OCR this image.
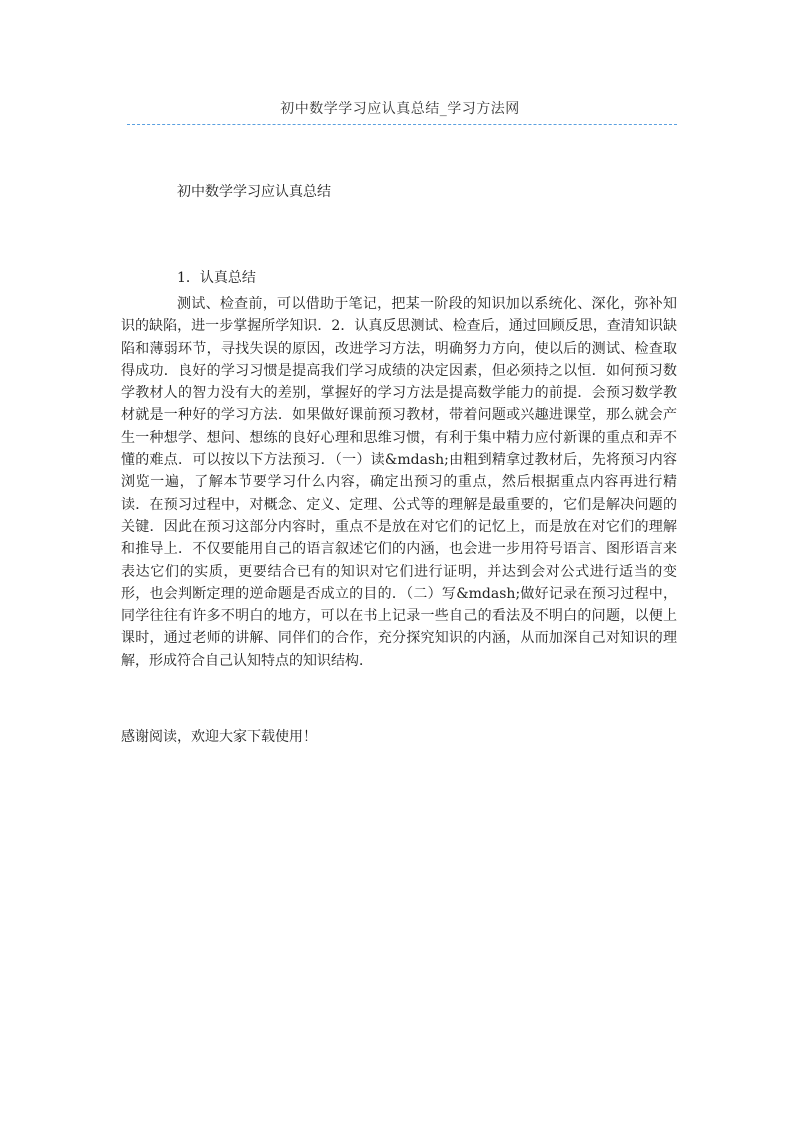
初中数学学习应认真总结_学习方法网
初中数学学习应认真总结
1．认真总结

测试、检查前，可以借助于笔记，把某一阶段的知识加以系统化、深化，弥补知识的缺陷，进一步掌握所学知识．2．认真反思测试、检查后，通过回顾反思，查清知识缺陷和薄弱环节，寻找失误的原因，改进学习方法，明确努力方向，使以后的测试、检查取得成功．良好的学习习惯是提高我们学习成绩的决定因素，但必须持之以恒．如何预习数学教材人的智力没有大的差别，掌握好的学习方法是提高数学能力的前提．会预习数学教材就是一种好的学习方法．如果做好课前预习教材，带着问题或兴趣进课堂，那么就会产生一种想学、想问、想练的良好心理和思维习惯，有利于集中精力应付新课的重点和弄不懂的难点．可以按以下方法预习．（一）读&mdash;由粗到精拿过教材后，先将预习内容浏览一遍，了解本节要学习什么内容，确定出预习的重点，然后根据重点内容再进行精读．在预习过程中，对概念、定义、定理、公式等的理解是最重要的，它们是解决问题的关键．因此在预习这部分内容时，重点不是放在对它们的记忆上，而是放在对它们的理解和推导上．不仅要能用自己的语言叙述它们的内涵，也会进一步用符号语言、图形语言来表达它们的实质，更要结合已有的知识对它们进行证明，并达到会对公式进行适当的变形，也会判断定理的逆命题是否成立的目的．（二）写&mdash;做好记录在预习过程中，同学往往有许多不明白的地方，可以在书上记录一些自己的看法及不明白的问题，以便上课时，通过老师的讲解、同伴们的合作，充分探究知识的内涵，从而加深自己对知识的理解，形成符合自己认知特点的知识结构．

感谢阅读，欢迎大家下载使用！
